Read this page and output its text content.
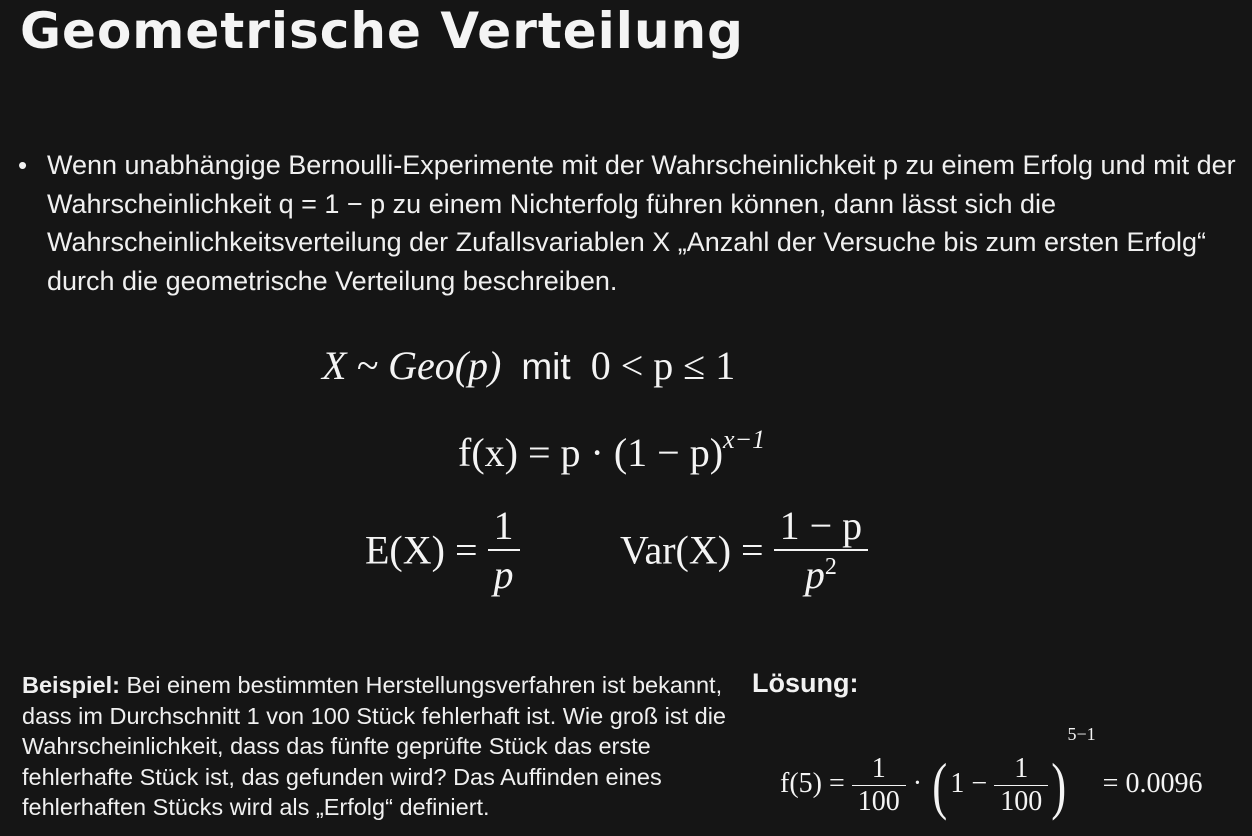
Geometrische Verteilung
• Wenn unabhängige Bernoulli-Experimente mit der Wahrscheinlichkeit p zu einem Erfolg und mit der Wahrscheinlichkeit q = 1 − p zu einem Nichterfolg führen können, dann lässt sich die Wahrscheinlichkeitsverteilung der Zufallsvariablen X „Anzahl der Versuche bis zum ersten Erfolg“ durch die geometrische Verteilung beschreiben.
X ~ Geo(p) mit 0 < p ≤ 1
$f(x) = p \cdot (1 - p)^{x-1}$
$E(X) = \frac{1}{p}$	$Var(X) = \frac{1 - p}{p^2}$
Beispiel: Bei einem bestimmten Herstellungsverfahren ist bekannt, dass im Durchschnitt 1 von 100 Stück fehlerhaft ist. Wie groß ist die Wahrscheinlichkeit, dass das fünfte geprüfte Stück das erste fehlerhafte Stück ist, das gefunden wird? Das Auffinden eines fehlerhaften Stücks wird als „Erfolg“ definiert.
Lösung:
$f(5) = \frac{1}{100}$ · ( $1 - \frac{1}{100} )^{5-1} = 0.0096$
